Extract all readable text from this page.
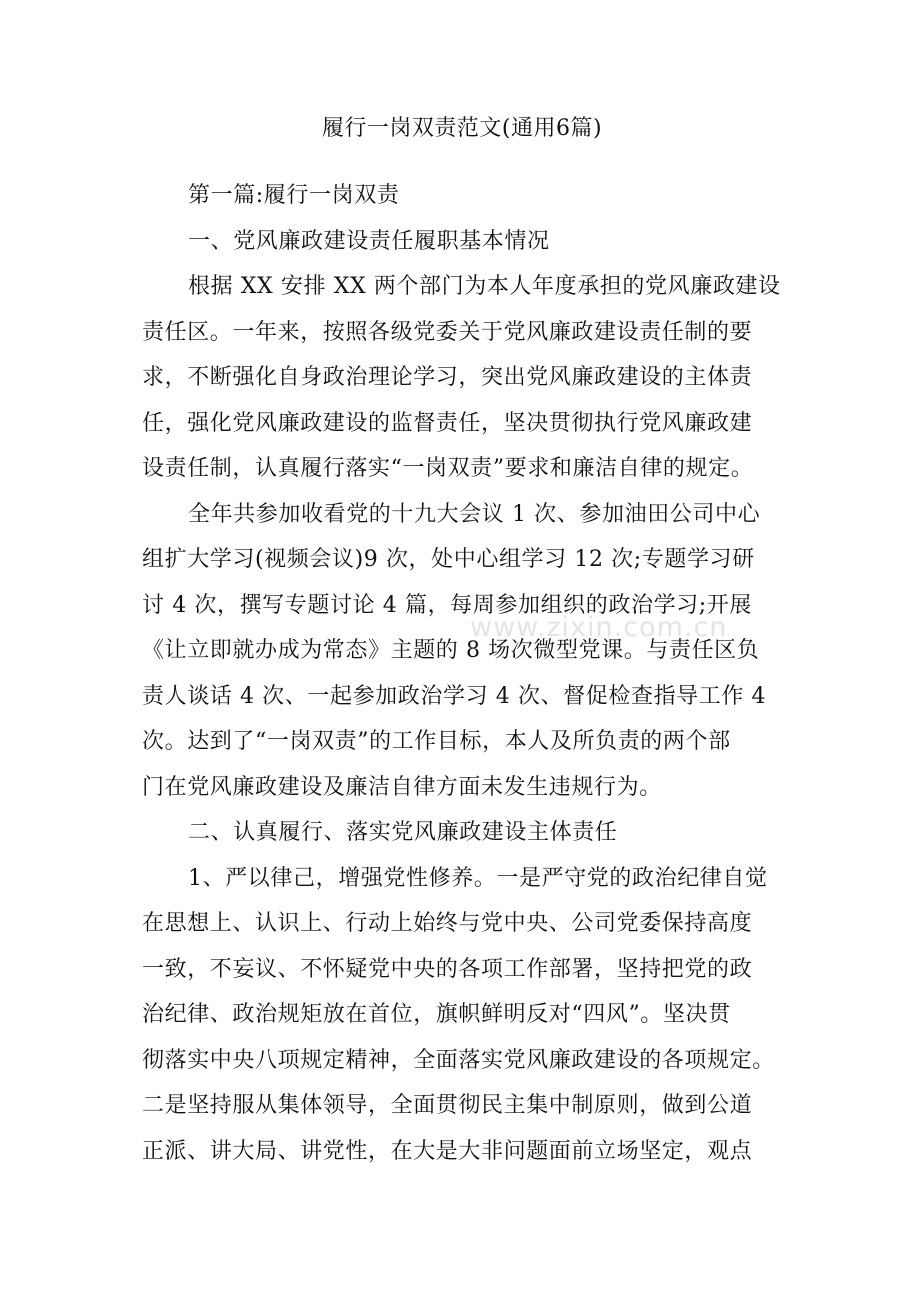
履行一岗双责范文(通用6篇)

第一篇:履行一岗双责

一、党风廉政建设责任履职基本情况

根据 XX 安排 XX 两个部门为本人年度承担的党风廉政建设

责任区。一年来，按照各级党委关于党风廉政建设责任制的要

求，不断强化自身政治理论学习，突出党风廉政建设的主体责

任，强化党风廉政建设的监督责任，坚决贯彻执行党风廉政建

设责任制，认真履行落实“一岗双责”要求和廉洁自律的规定。

全年共参加收看党的十九大会议 1 次、参加油田公司中心

组扩大学习(视频会议)9 次，处中心组学习 12 次;专题学习研

讨 4 次，撰写专题讨论 4 篇，每周参加组织的政治学习;开展

《让立即就办成为常态》主题的 8 场次微型党课。与责任区负

责人谈话 4 次、一起参加政治学习 4 次、督促检查指导工作 4

次。达到了“一岗双责”的工作目标，本人及所负责的两个部

门在党风廉政建设及廉洁自律方面未发生违规行为。

二、认真履行、落实党风廉政建设主体责任

1、严以律己，增强党性修养。一是严守党的政治纪律自觉

在思想上、认识上、行动上始终与党中央、公司党委保持高度

一致，不妄议、不怀疑党中央的各项工作部署，坚持把党的政

治纪律、政治规矩放在首位，旗帜鲜明反对“四风”。坚决贯

彻落实中央八项规定精神，全面落实党风廉政建设的各项规定。

二是坚持服从集体领导，全面贯彻民主集中制原则，做到公道

正派、讲大局、讲党性，在大是大非问题面前立场坚定，观点

www.zixin.com.cn
